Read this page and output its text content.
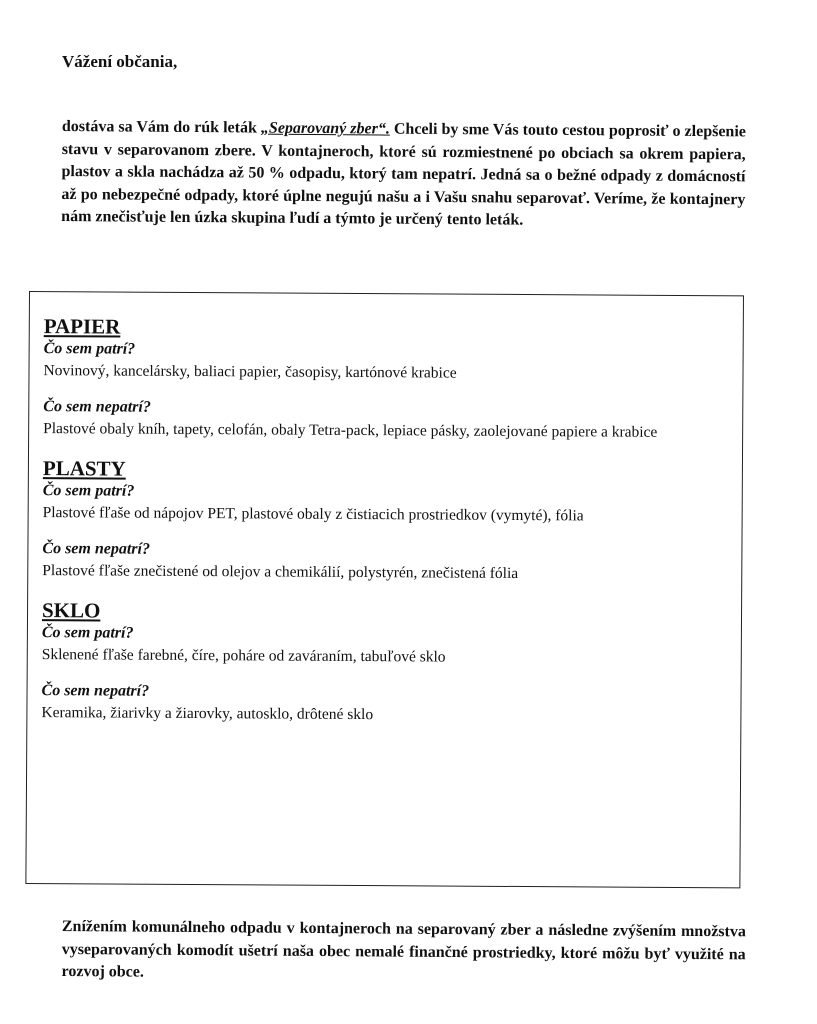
Vážení občania,
dostáva sa Vám do rúk leták „Separovaný zber“. Chceli by sme Vás touto cestou poprosiť o zlepšenie stavu v separovanom zbere. V kontajneroch, ktoré sú rozmiestnené po obciach sa okrem papiera, plastov a skla nachádza až 50 % odpadu, ktorý tam nepatrí. Jedná sa o bežné odpady z domácností až po nebezpečné odpady, ktoré úplne negujú našu a i Vašu snahu separovať. Veríme, že kontajnery nám znečisťuje len úzka skupina ľudí a týmto je určený tento leták.

PAPIER

Čo sem patrí?

Novinový, kancelársky, baliaci papier, časopisy, kartónové krabice

Čo sem nepatrí?

Plastové obaly kníh, tapety, celofán, obaly Tetra-pack, lepiace pásky, zaolejované papiere a krabice

PLASTY

Čo sem patrí?

Plastové fľaše od nápojov PET, plastové obaly z čistiacich prostriedkov (vymyté), fólia

Čo sem nepatrí?

Plastové fľaše znečistené od olejov a chemikálií, polystyrén, znečistená fólia

SKLO

Čo sem patrí?

Sklenené fľaše farebné, číre, poháre od zaváraním, tabuľové sklo

Čo sem nepatrí?

Keramika, žiarivky a žiarovky, autosklo, drôtené sklo

Znížením komunálneho odpadu v kontajneroch na separovaný zber a následne zvýšením množstva vyseparovaných komodít ušetrí naša obec nemalé finančné prostriedky, ktoré môžu byť využité na rozvoj obce.
